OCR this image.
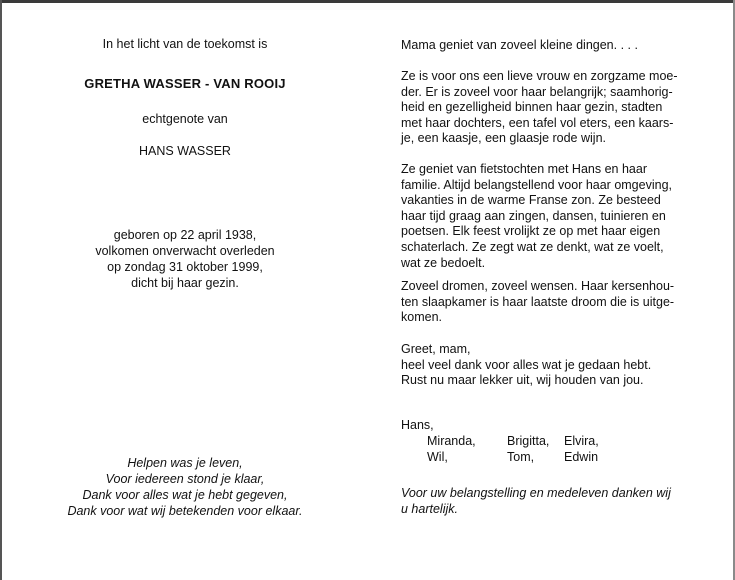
In het licht van de toekomst is
GRETHA WASSER - VAN ROOIJ
echtgenote van
HANS WASSER
geboren op 22 april 1938,
volkomen onverwacht overleden
op zondag 31 oktober 1999,
dicht bij haar gezin.
Helpen was je leven,
Voor iedereen stond je klaar,
Dank voor alles wat je hebt gegeven,
Dank voor wat wij betekenden voor elkaar.
Mama geniet van zoveel kleine dingen. . . .
Ze is voor ons een lieve vrouw en zorgzame moe-
der. Er is zoveel voor haar belangrijk; saamhorig-
heid en gezelligheid binnen haar gezin, stadten
met haar dochters, een tafel vol eters, een kaars-
je, een kaasje, een glaasje rode wijn.
Ze geniet van fietstochten met Hans en haar
familie. Altijd belangstellend voor haar omgeving,
vakanties in de warme Franse zon. Ze besteed
haar tijd graag aan zingen, dansen, tuinieren en
poetsen. Elk feest vrolijkt ze op met haar eigen
schaterlach. Ze zegt wat ze denkt, wat ze voelt,
wat ze bedoelt.
Zoveel dromen, zoveel wensen. Haar kersenhou-
ten slaapkamer is haar laatste droom die is uitge-
komen.
Greet, mam,
heel veel dank voor alles wat je gedaan hebt.
Rust nu maar lekker uit, wij houden van jou.
Hans,
Miranda,	Brigitta,	Elvira,
Wil,	Tom,	Edwin
Voor uw belangstelling en medeleven danken wij
u hartelijk.
